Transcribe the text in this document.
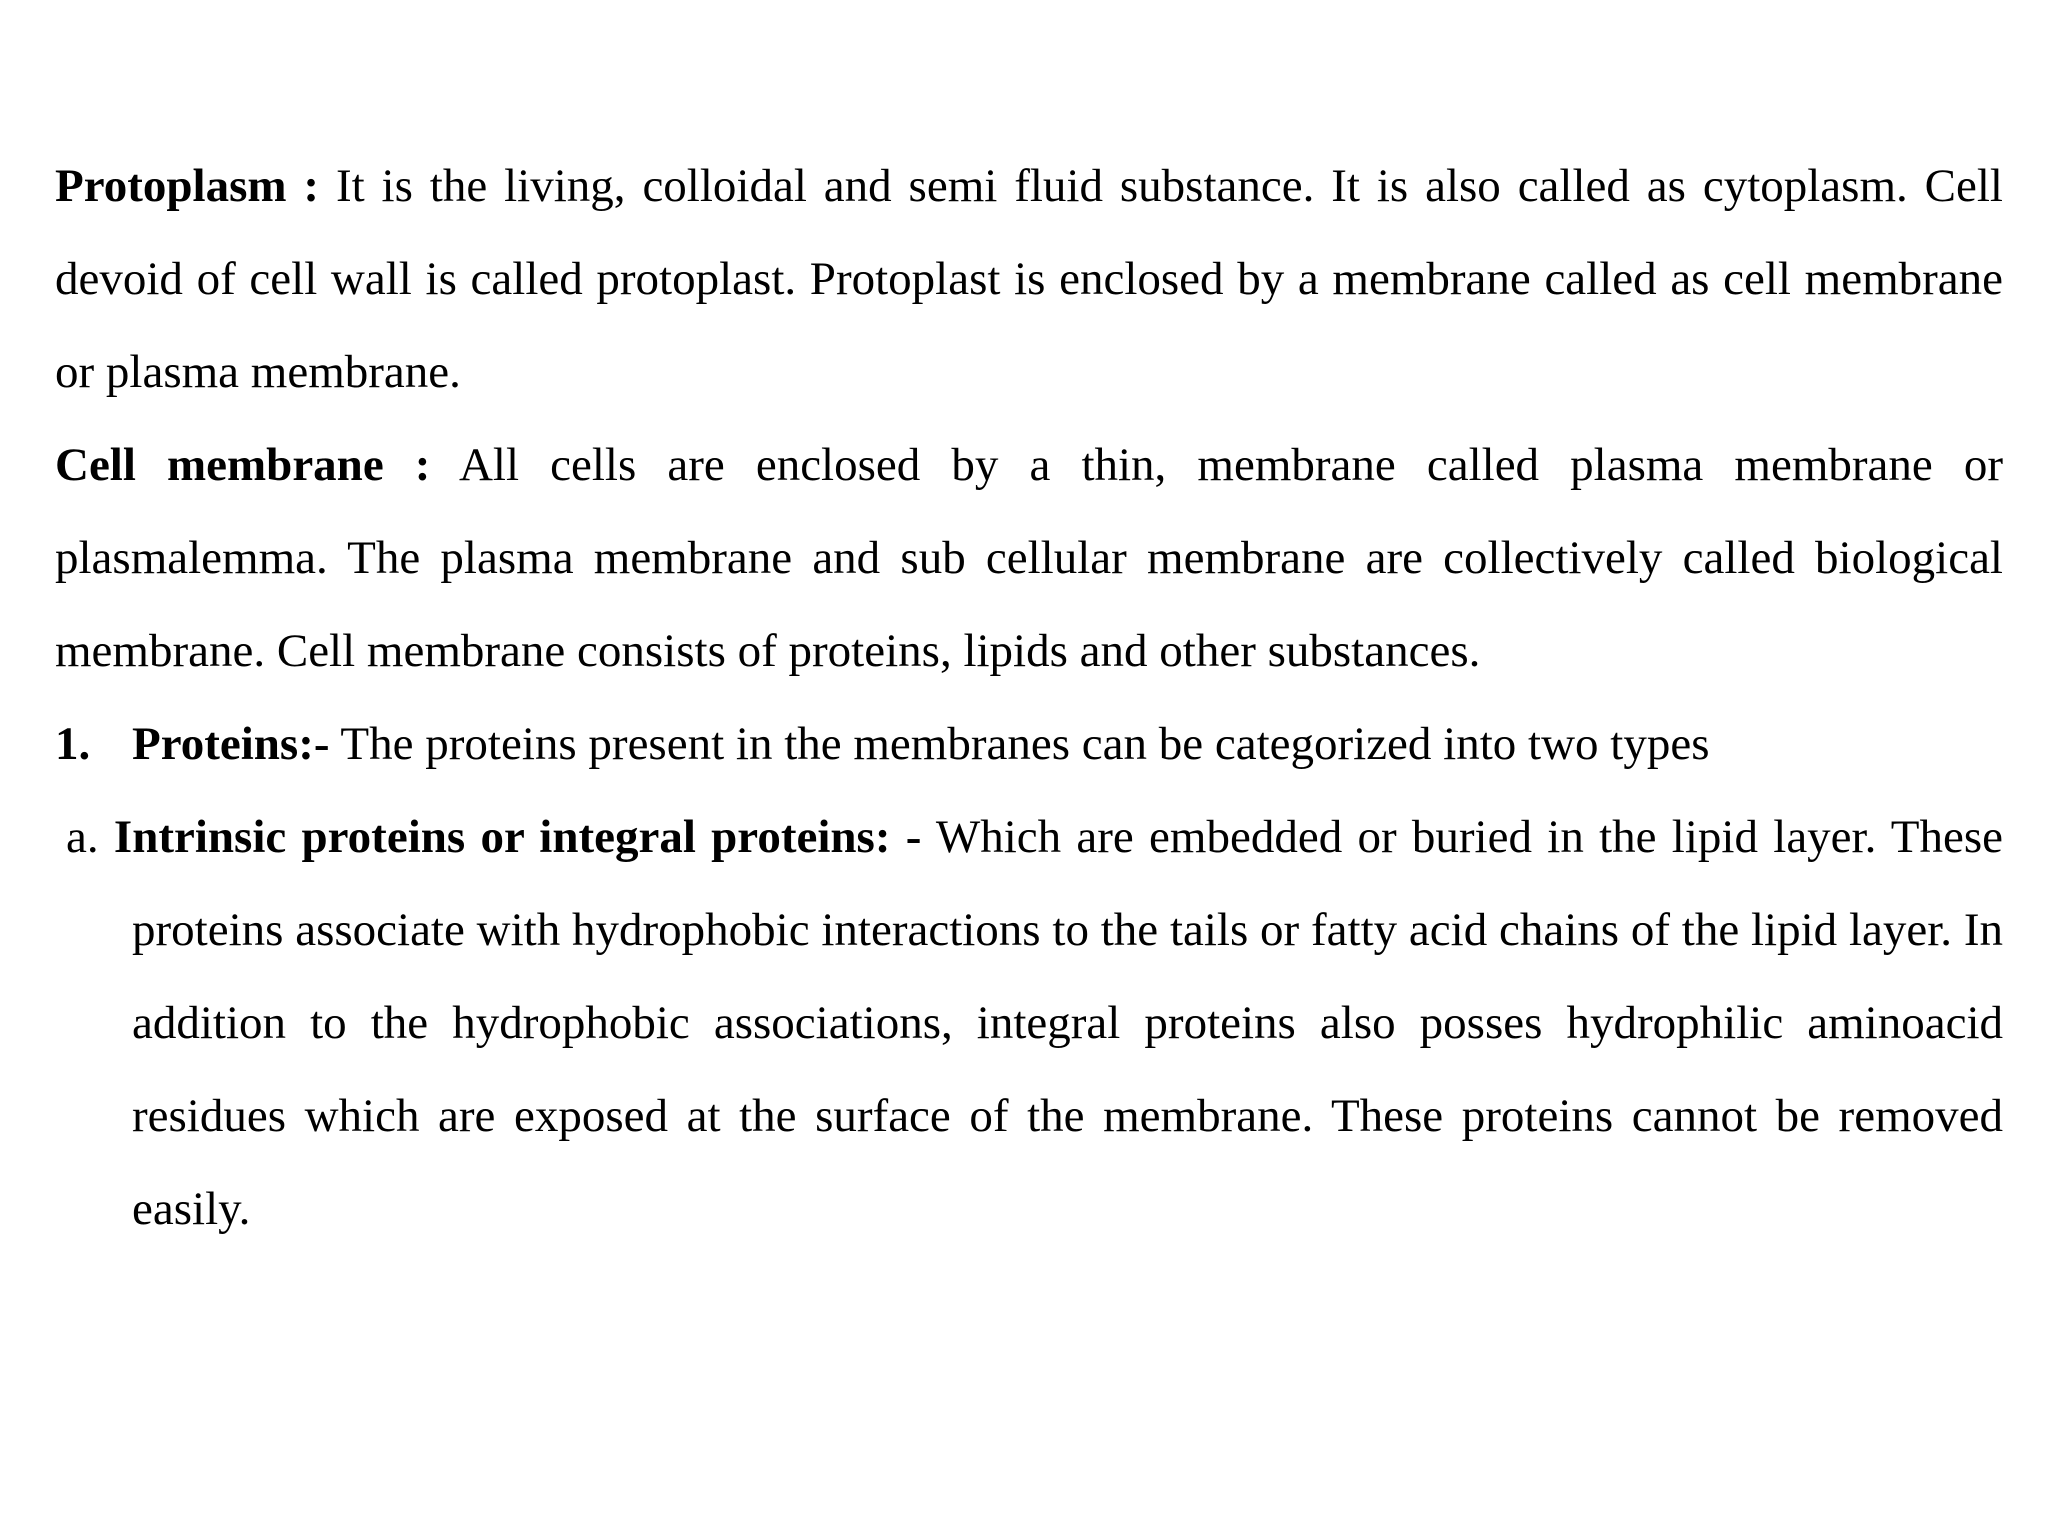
Protoplasm : It is the living, colloidal and semi fluid substance. It is also called as cytoplasm. Cell devoid of cell wall is called protoplast. Protoplast is enclosed by a membrane called as cell membrane or plasma membrane.

Cell membrane : All cells are enclosed by a thin, membrane called plasma membrane or plasmalemma. The plasma membrane and sub cellular membrane are collectively called biological membrane. Cell membrane consists of proteins, lipids and other substances.

1. Proteins:- The proteins present in the membranes can be categorized into two types

a. Intrinsic proteins or integral proteins: - Which are embedded or buried in the lipid layer. These proteins associate with hydrophobic interactions to the tails or fatty acid chains of the lipid layer. In addition to the hydrophobic associations, integral proteins also posses hydrophilic aminoacid residues which are exposed at the surface of the membrane. These proteins cannot be removed easily.
